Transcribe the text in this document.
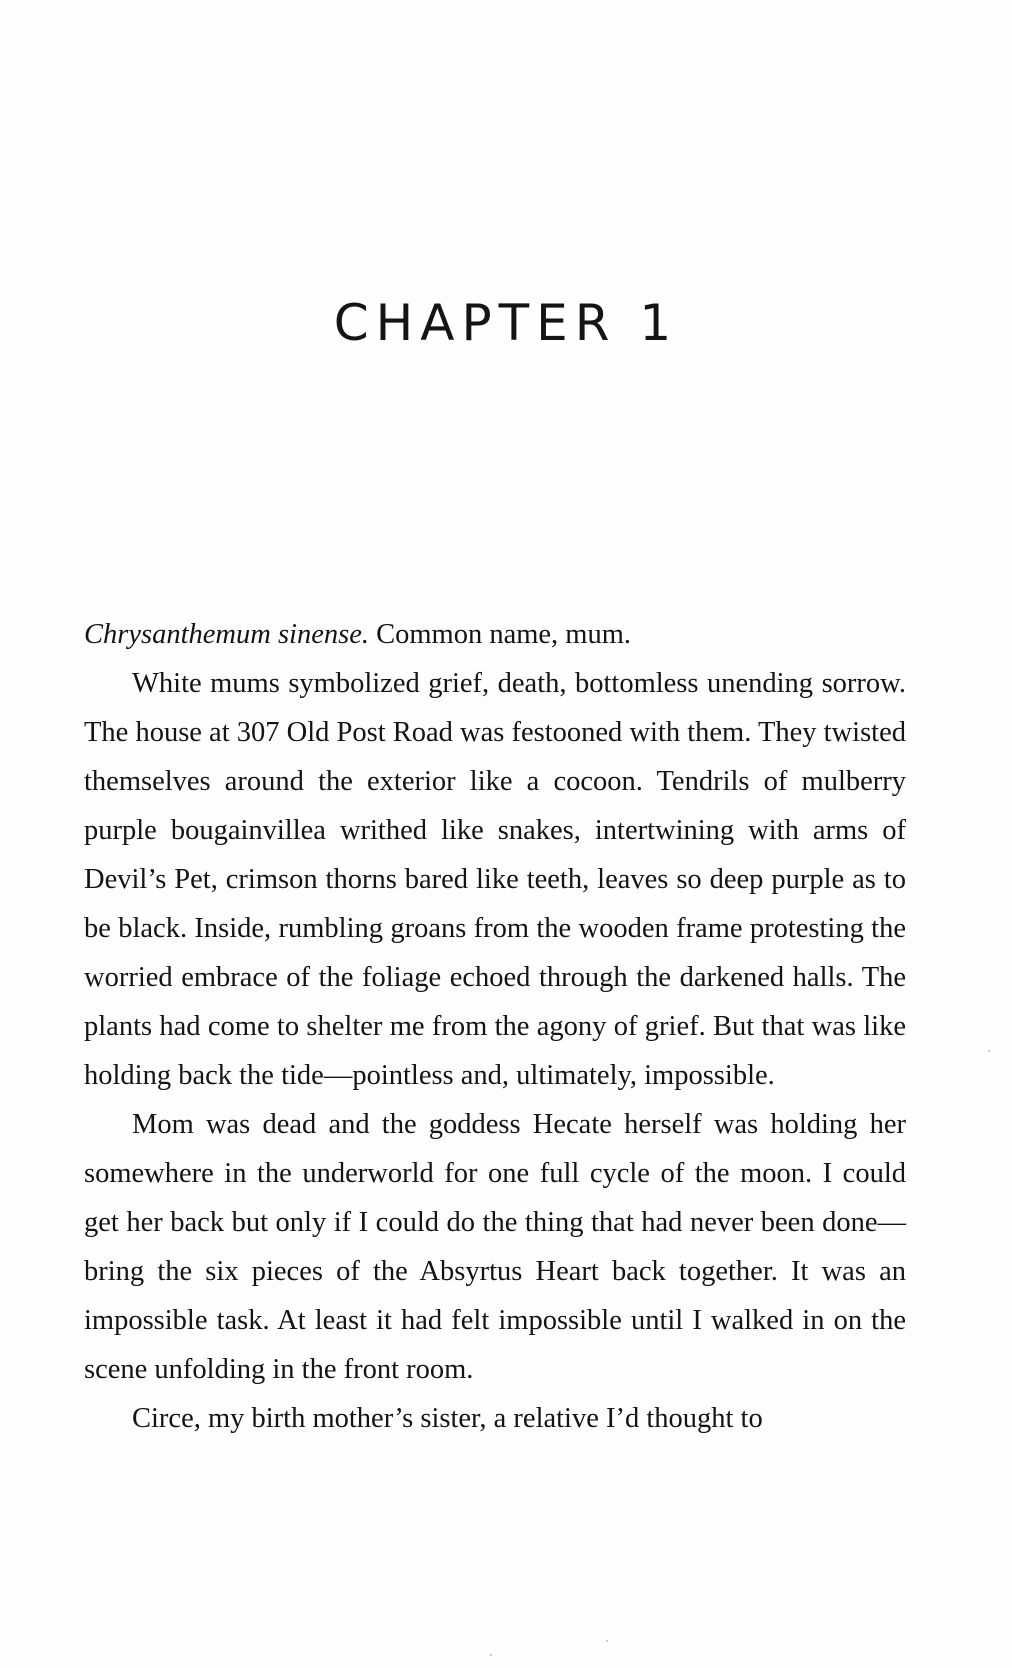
CHAPTER 1

Chrysanthemum sinense. Common name, mum.

White mums symbolized grief, death, bottomless unending sorrow. The house at 307 Old Post Road was festooned with them. They twisted themselves around the exterior like a cocoon. Tendrils of mulberry purple bougainvillea writhed like snakes, intertwining with arms of Devil’s Pet, crimson thorns bared like teeth, leaves so deep purple as to be black. Inside, rumbling groans from the wooden frame protesting the worried embrace of the foliage echoed through the darkened halls. The plants had come to shelter me from the agony of grief. But that was like holding back the tide—pointless and, ultimately, impossible.

Mom was dead and the goddess Hecate herself was holding her somewhere in the underworld for one full cycle of the moon. I could get her back but only if I could do the thing that had never been done—bring the six pieces of the Absyrtus Heart back together. It was an impossible task. At least it had felt impossible until I walked in on the scene unfolding in the front room.

Circe, my birth mother’s sister, a relative I’d thought to
